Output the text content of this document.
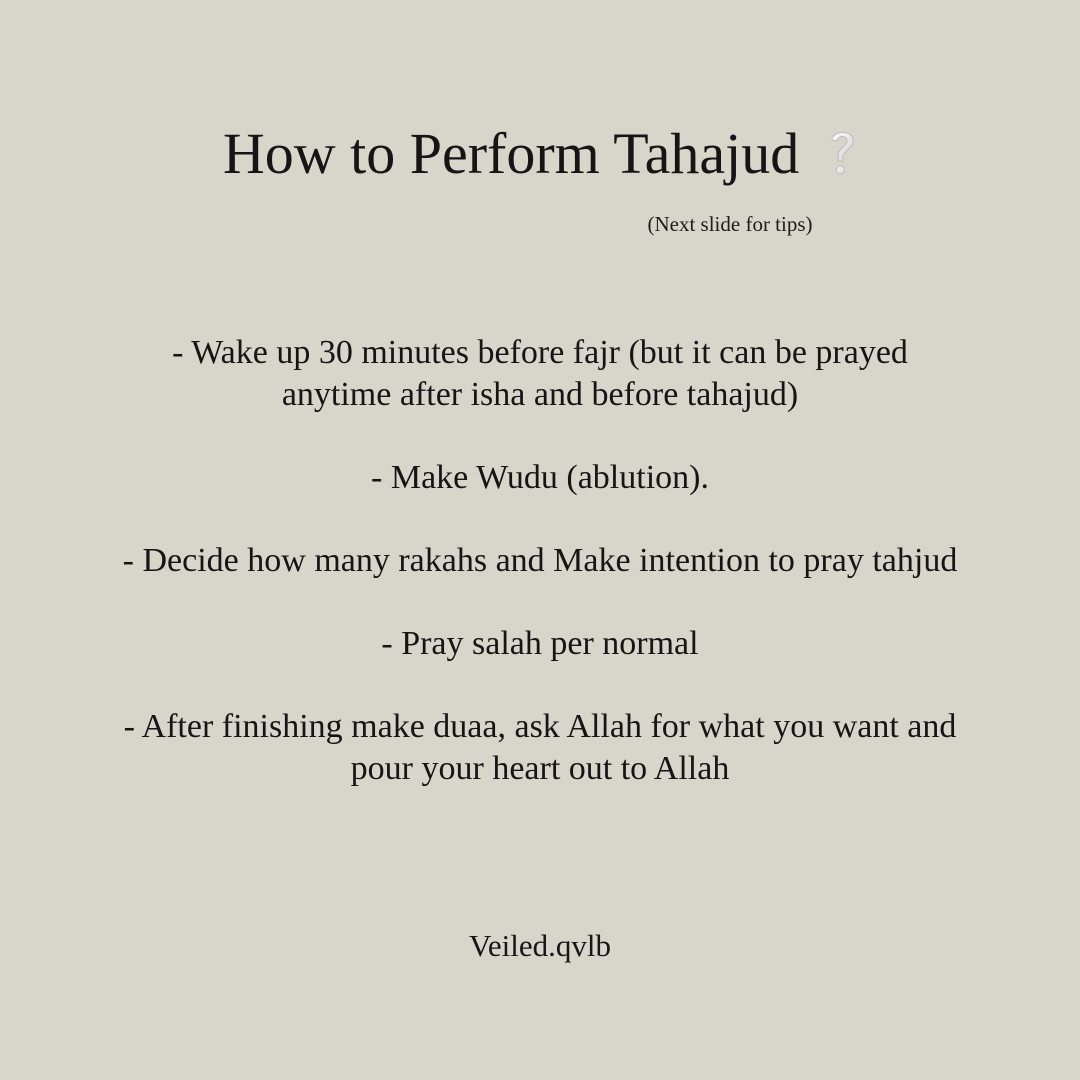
How to Perform Tahajud
(Next slide for tips)

- Wake up 30 minutes before fajr (but it can be prayed anytime after isha and before tahajud)

- Make Wudu (ablution).

- Decide how many rakahs and Make intention to pray tahjud

- Pray salah per normal

- After finishing make duaa, ask Allah for what you want and pour your heart out to Allah

Veiled.qvlb
